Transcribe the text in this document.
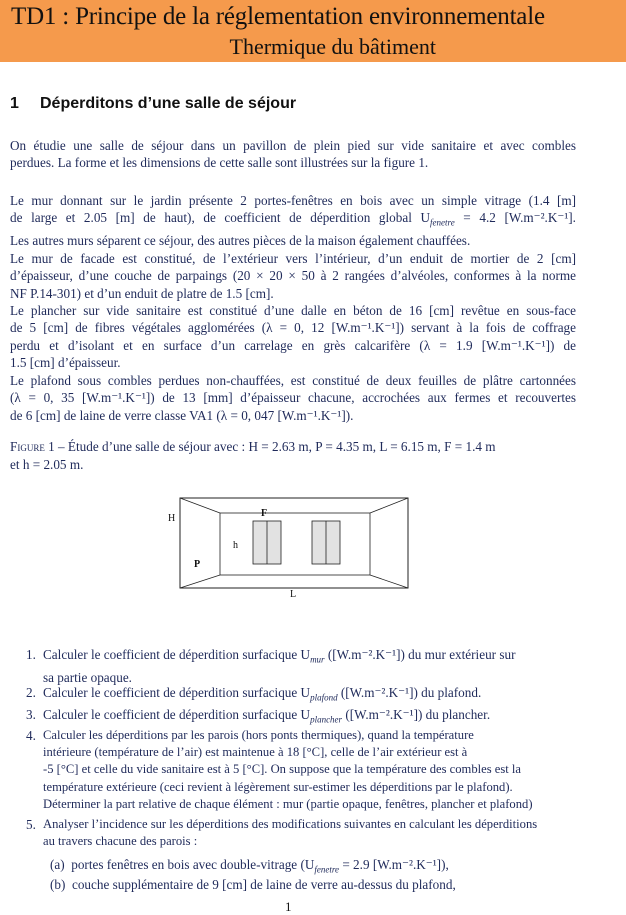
TD1 : Principe de la réglementation environnementale
Thermique du bâtiment
1 Déperditons d’une salle de séjour
On étudie une salle de séjour dans un pavillon de plein pied sur vide sanitaire et avec combles
perdues. La forme et les dimensions de cette salle sont illustrées sur la figure 1.
Le mur donnant sur le jardin présente 2 portes-fenêtres en bois avec un simple vitrage (1.4 [m]
de large et 2.05 [m] de haut), de coefficient de déperdition global $U_{fenetre} = 4.2$ [W.m⁻².K⁻¹].
Les autres murs séparent ce séjour, des autres pièces de la maison également chauffées.
Le mur de facade est constitué, de l’extérieur vers l’intérieur, d’un enduit de mortier de 2 [cm]
d’épaisseur, d’une couche de parpaings (20 × 20 × 50 à 2 rangées d’alvéoles, conformes à la norme
NF P.14-301) et d’un enduit de platre de 1.5 [cm].
Le plancher sur vide sanitaire est constitué d’une dalle en béton de 16 [cm] revêtue en sous-face
de 5 [cm] de fibres végétales agglomérées (λ = 0, 12 [W.m⁻¹.K⁻¹]) servant à la fois de coffrage
perdu et d’isolant et en surface d’un carrelage en grès calcarifère (λ = 1.9 [W.m⁻¹.K⁻¹]) de
1.5 [cm] d’épaisseur.
Le plafond sous combles perdues non-chauffées, est constitué de deux feuilles de plâtre cartonnées
(λ = 0, 35 [W.m⁻¹.K⁻¹]) de 13 [mm] d’épaisseur chacune, accrochées aux fermes et recouvertes
de 6 [cm] de laine de verre classe VA1 (λ = 0, 047 [W.m⁻¹.K⁻¹]).
Figure 1 – Étude d’une salle de séjour avec : H = 2.63 m, P = 4.35 m, L = 6.15 m, F = 1.4 m
et h = 2.05 m.
H	F
h
P
L
1. Calculer le coefficient de déperdition surfacique $U_{mur}$ ([W.m⁻².K⁻¹]) du mur extérieur sur
sa partie opaque.
2. Calculer le coefficient de déperdition surfacique $U_{plafond}$ ([W.m⁻².K⁻¹]) du plafond.
3. Calculer le coefficient de déperdition surfacique $U_{plancher}$ ([W.m⁻².K⁻¹]) du plancher.
4. Calculer les déperditions par les parois (hors ponts thermiques), quand la température
intérieure (température de l’air) est maintenue à 18 [°C], celle de l’air extérieur est à
-5 [°C] et celle du vide sanitaire est à 5 [°C]. On suppose que la température des combles est la
température extérieure (ceci revient à légèrement sur-estimer les déperditions par le plafond).
Déterminer la part relative de chaque élément : mur (partie opaque, fenêtres, plancher et plafond)
5. Analyser l’incidence sur les déperditions des modifications suivantes en calculant les déperditions
au travers chacune des parois :
(a) portes fenêtres en bois avec double-vitrage ($U_{fenetre} = 2.9$ [W.m⁻².K⁻¹]),
(b) couche supplémentaire de 9 [cm] de laine de verre au-dessus du plafond,
1
